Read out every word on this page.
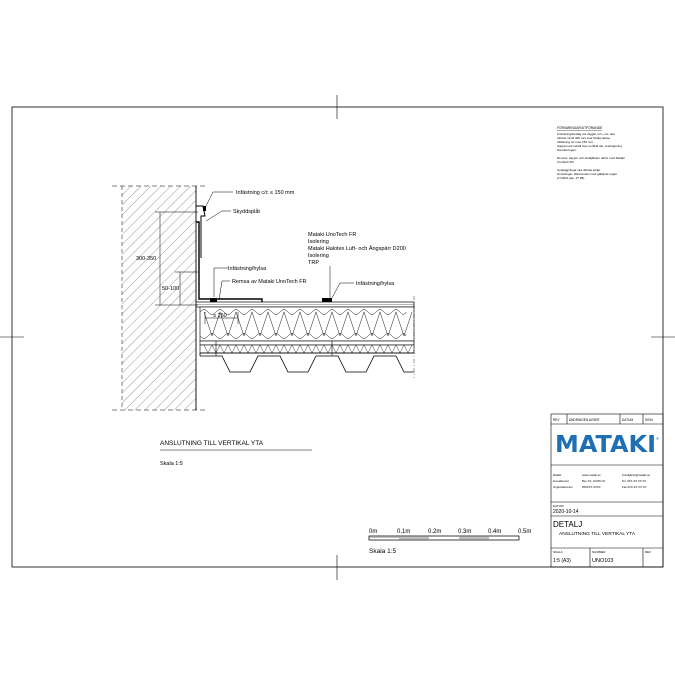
FÖRVARINGAR/UTFÖRANDE
Anslutningsbeslag vid väggar, torn, etc. ska
utföras minst 300 mm över färdig takyta.
Infästning c/c max 150 mm.
Kappa med metall över vertikal del, överlappning
ska täta fogen.
Remsor, kappor och detaljfästen utförs med Mataki
UnoTech FR.
Uppläggningar ska utföras enligt
anvisningar, tillsammans med gällande regler.
(TY2011 kap. JT 2B)
300-350
50-100
≥ 150
Infästning c/c ≤ 150 mm
Skyddsplåt
Infästning/hylsa
Remsa av Mataki UnoTech FR	Infästning/hylsa
Mataki UnoTech FR
Isolering
Mataki Halotex Luft- och Ångspärr D200
Isolering
TRP
ANSLUTNING TILL VERTIKAL YTA
Skala 1:5
0m	0.1m	0.2m	0.3m	0.4m	0.5m
Skala 1:5
REV	ÄNDRINGEN AVSER	DATUM	SIGN
MATAKI ®
Mataki	www.mataki.se	Kundtjänst@mataki.se
Huvudkontor	Box XX, 12345 Ort	Tel. 0XX-XX XX XX
Organisationsnr	556XXX-XXXX	Fax 0XX-XX XX XX
DATUM
2020-10-14
DETALJ
ANSLUTNING TILL VERTIKAL YTA
SKALA
1:5 (A3)
NUMMER
UNO103
REV
